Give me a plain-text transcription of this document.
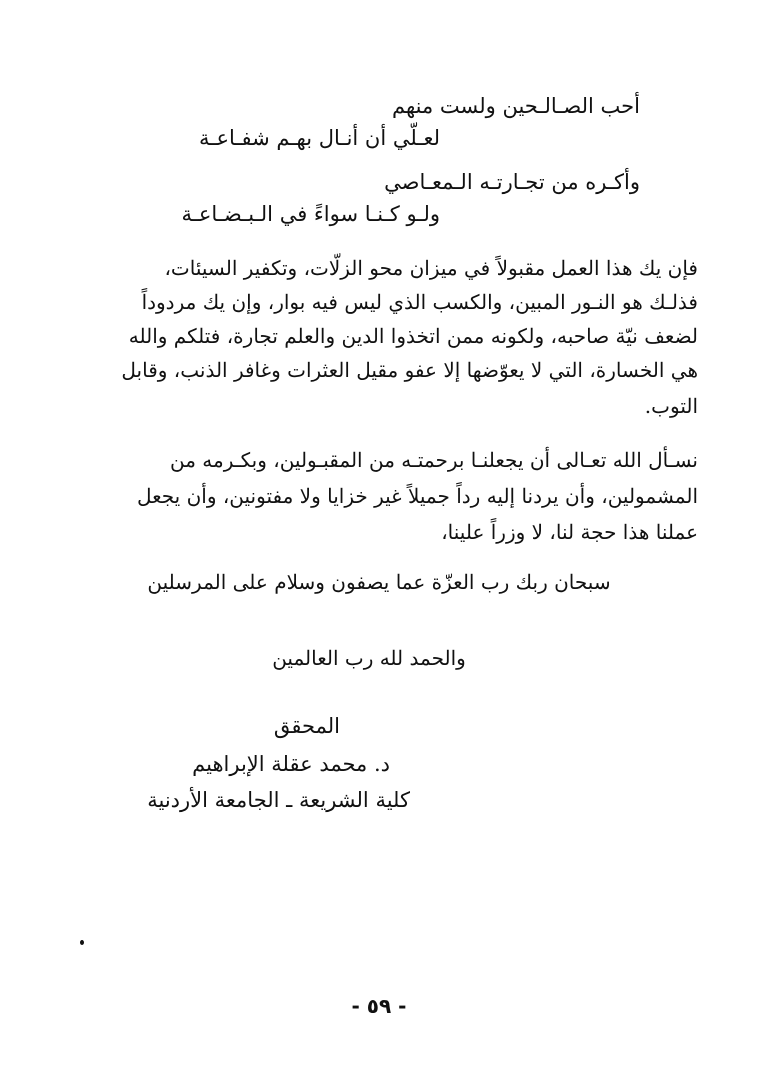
أحب الصـالـحين ولست منهم
لعـلّي أن أنـال بهـم شفـاعـة
وأكـره من تجـارتـه الـمعـاصي
ولـو كـنـا سواءً في الـبـضـاعـة
فإن يك هذا العمل مقبولاً في ميزان محو الزلّات، وتكفير السيئات،
فذلـك هو النـور المبين، والكسب الذي ليس فيه بوار، وإن يك مردوداً
لضعف نيّة صاحبه، ولكونه ممن اتخذوا الدين والعلم تجارة، فتلكم والله
هي الخسارة، التي لا يعوّضها إلا عفو مقيل العثرات وغافر الذنب، وقابل
التوب.
نسـأل الله تعـالى أن يجعلنـا برحمتـه من المقبـولين، وبكـرمه من
المشمولين، وأن يردنا إليه رداً جميلاً غير خزايا ولا مفتونين، وأن يجعل
عملنا هذا حجة لنا، لا وزراً علينا،
سبحان ربك رب العزّة عما يصفون وسلام على المرسلين
والحمد لله رب العالمين
المحقق
د. محمد عقلة الإبراهيم
كلية الشريعة ـ الجامعة الأردنية
- ٥٩ -
